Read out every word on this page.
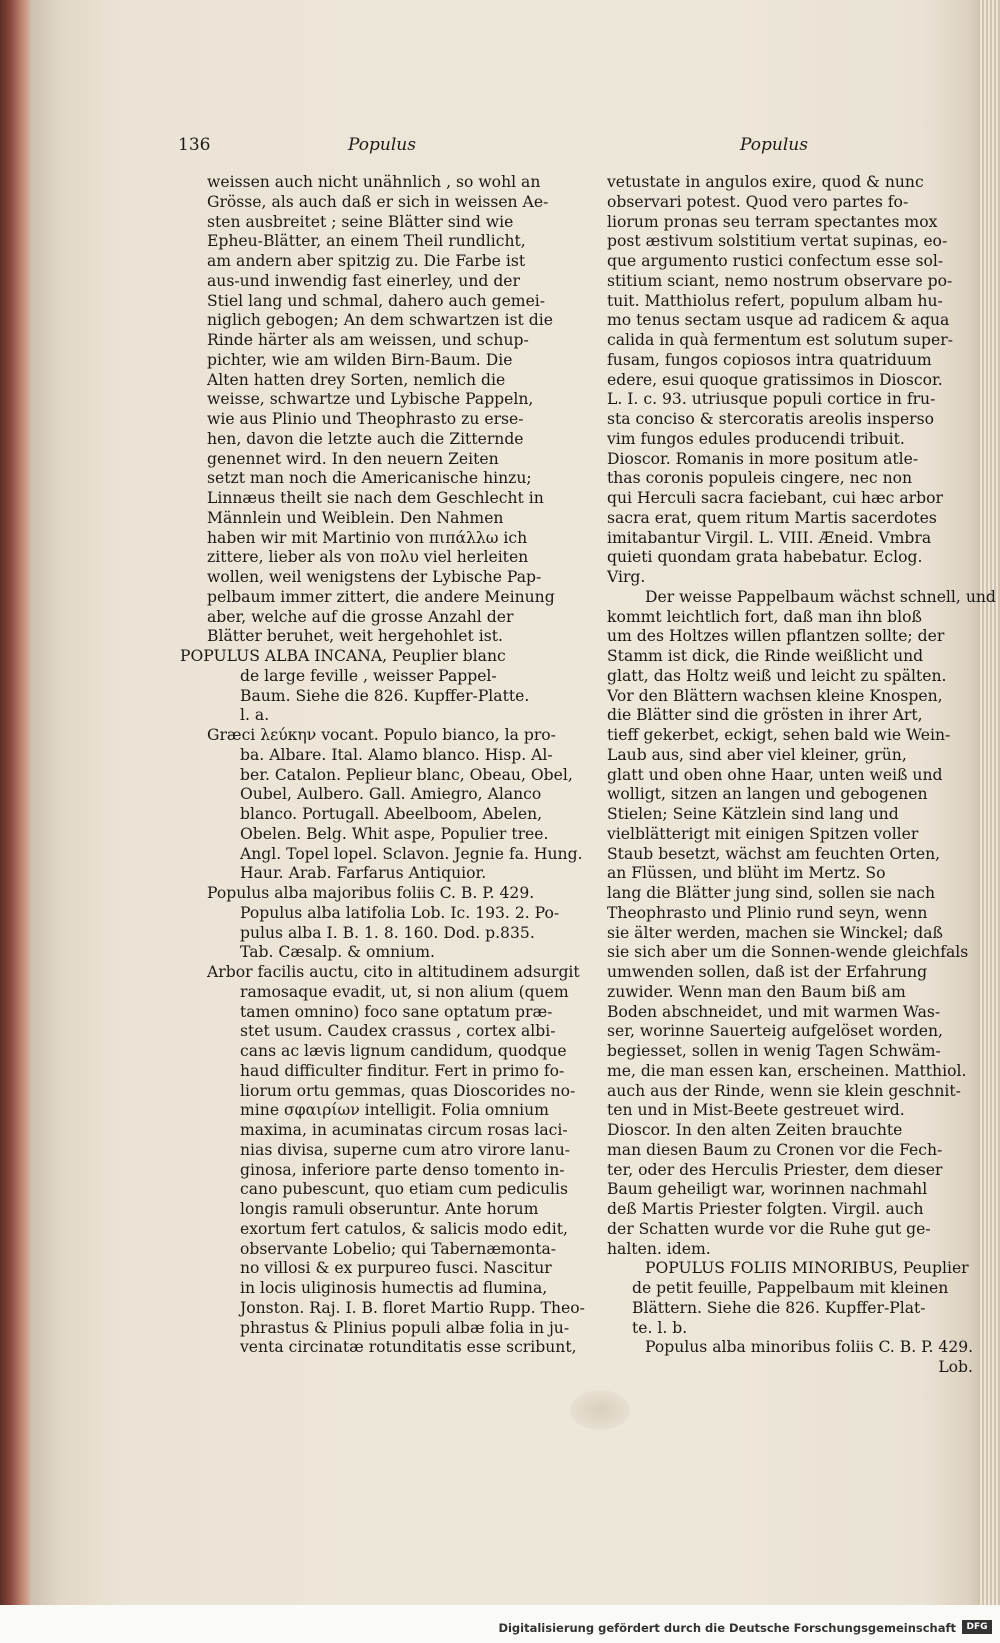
136	Populus	Populus
weissen auch nicht unähnlich , so wohl an
Grösse, als auch daß er sich in weissen Ae-
sten ausbreitet ; seine Blätter sind wie
Epheu-Blätter, an einem Theil rundlicht,
am andern aber spitzig zu. Die Farbe ist
aus-und inwendig fast einerley, und der
Stiel lang und schmal, dahero auch gemei-
niglich gebogen; An dem schwartzen ist die
Rinde härter als am weissen, und schup-
pichter, wie am wilden Birn-Baum. Die
Alten hatten drey Sorten, nemlich die
weisse, schwartze und Lybische Pappeln,
wie aus Plinio und Theophrasto zu erse-
hen, davon die letzte auch die Zitternde
genennet wird. In den neuern Zeiten
setzt man noch die Americanische hinzu;
Linnæus theilt sie nach dem Geschlecht in
Männlein und Weiblein. Den Nahmen
haben wir mit Martinio von πιπάλλω ich
zittere, lieber als von πολυ viel herleiten
wollen, weil wenigstens der Lybische Pap-
pelbaum immer zittert, die andere Meinung
aber, welche auf die grosse Anzahl der
Blätter beruhet, weit hergehohlet ist.
POPULUS ALBA INCANA, Peuplier blanc
de large feville , weisser Pappel-
Baum. Siehe die 826. Kupffer-Platte.
l. a.
Græci λεύκην vocant. Populo bianco, la pro-
ba. Albare. Ital. Alamo blanco. Hisp. Al-
ber. Catalon. Peplieur blanc, Obeau, Obel,
Oubel, Aulbero. Gall. Amiegro, Alanco
blanco. Portugall. Abeelboom, Abelen,
Obelen. Belg. Whit aspe, Populier tree.
Angl. Topel lopel. Sclavon. Jegnie fa. Hung.
Haur. Arab. Farfarus Antiquior.
Populus alba majoribus foliis C. B. P. 429.
Populus alba latifolia Lob. Ic. 193. 2. Po-
pulus alba I. B. 1. 8. 160. Dod. p.835.
Tab. Cæsalp. & omnium.
Arbor facilis auctu, cito in altitudinem adsurgit
ramosaque evadit, ut, si non alium (quem
tamen omnino) foco sane optatum præ-
stet usum. Caudex crassus , cortex albi-
cans ac lævis lignum candidum, quodque
haud difficulter finditur. Fert in primo fo-
liorum ortu gemmas, quas Dioscorides no-
mine σφαιρίων intelligit. Folia omnium
maxima, in acuminatas circum rosas laci-
nias divisa, superne cum atro virore lanu-
ginosa, inferiore parte denso tomento in-
cano pubescunt, quo etiam cum pediculis
longis ramuli obseruntur. Ante horum
exortum fert catulos, & salicis modo edit,
observante Lobelio; qui Tabernæmonta-
no villosi & ex purpureo fusci. Nascitur
in locis uliginosis humectis ad flumina,
Jonston. Raj. I. B. floret Martio Rupp. Theo-
phrastus & Plinius populi albæ folia in ju-
venta circinatæ rotunditatis esse scribunt,
vetustate in angulos exire, quod & nunc
observari potest. Quod vero partes fo-
liorum pronas seu terram spectantes mox
post æstivum solstitium vertat supinas, eo-
que argumento rustici confectum esse sol-
stitium sciant, nemo nostrum observare po-
tuit. Matthiolus refert, populum albam hu-
mo tenus sectam usque ad radicem & aqua
calida in quà fermentum est solutum super-
fusam, fungos copiosos intra quatriduum
edere, esui quoque gratissimos in Dioscor.
L. I. c. 93. utriusque populi cortice in fru-
sta conciso & stercoratis areolis insperso
vim fungos edules producendi tribuit.
Dioscor. Romanis in more positum atle-
thas coronis populeis cingere, nec non
qui Herculi sacra faciebant, cui hæc arbor
sacra erat, quem ritum Martis sacerdotes
imitabantur Virgil. L. VIII. Æneid. Vmbra
quieti quondam grata habebatur. Eclog.
Virg.
Der weisse Pappelbaum wächst schnell, und
kommt leichtlich fort, daß man ihn bloß
um des Holtzes willen pflantzen sollte; der
Stamm ist dick, die Rinde weißlicht und
glatt, das Holtz weiß und leicht zu spälten.
Vor den Blättern wachsen kleine Knospen,
die Blätter sind die grösten in ihrer Art,
tieff gekerbet, eckigt, sehen bald wie Wein-
Laub aus, sind aber viel kleiner, grün,
glatt und oben ohne Haar, unten weiß und
wolligt, sitzen an langen und gebogenen
Stielen; Seine Kätzlein sind lang und
vielblätterigt mit einigen Spitzen voller
Staub besetzt, wächst am feuchten Orten,
an Flüssen, und blüht im Mertz. So
lang die Blätter jung sind, sollen sie nach
Theophrasto und Plinio rund seyn, wenn
sie älter werden, machen sie Winckel; daß
sie sich aber um die Sonnen-wende gleichfals
umwenden sollen, daß ist der Erfahrung
zuwider. Wenn man den Baum biß am
Boden abschneidet, und mit warmen Was-
ser, worinne Sauerteig aufgelöset worden,
begiesset, sollen in wenig Tagen Schwäm-
me, die man essen kan, erscheinen. Matthiol.
auch aus der Rinde, wenn sie klein geschnit-
ten und in Mist-Beete gestreuet wird.
Dioscor. In den alten Zeiten brauchte
man diesen Baum zu Cronen vor die Fech-
ter, oder des Herculis Priester, dem dieser
Baum geheiligt war, worinnen nachmahl
deß Martis Priester folgten. Virgil. auch
der Schatten wurde vor die Ruhe gut ge-
halten. idem.
POPULUS FOLIIS MINORIBUS, Peuplier
de petit feuille, Pappelbaum mit kleinen
Blättern. Siehe die 826. Kupffer-Plat-
te. l. b.
Populus alba minoribus foliis C. B. P. 429.
Lob.
Digitalisierung gefördert durch die Deutsche Forschungsgemeinschaft	DFG
